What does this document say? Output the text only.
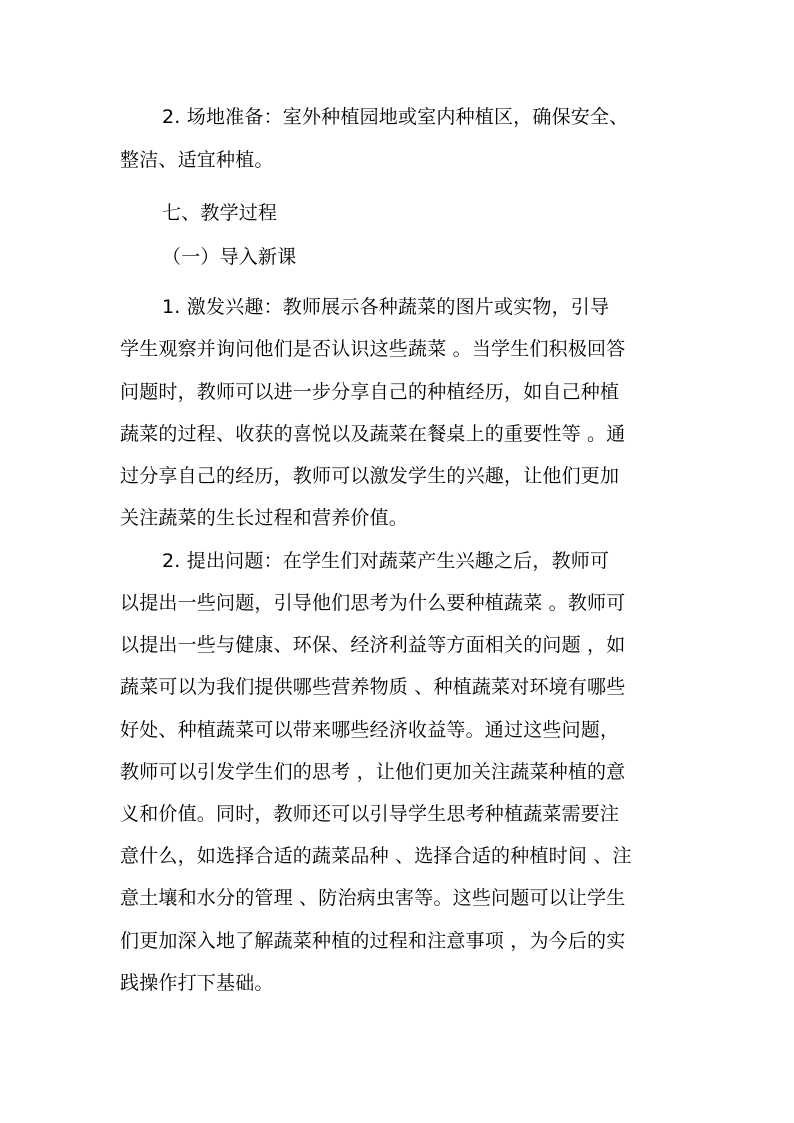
2. 场地准备：室外种植园地或室内种植区，确保安全、
整洁、适宜种植。
七、教学过程
（一）导入新课
1. 激发兴趣：教师展示各种蔬菜的图片或实物，引导
学生观察并询问他们是否认识这些蔬菜 。当学生们积极回答
问题时，教师可以进一步分享自己的种植经历，如自己种植
蔬菜的过程、收获的喜悦以及蔬菜在餐桌上的重要性等 。通
过分享自己的经历，教师可以激发学生的兴趣，让他们更加
关注蔬菜的生长过程和营养价值。
2. 提出问题：在学生们对蔬菜产生兴趣之后，教师可
以提出一些问题，引导他们思考为什么要种植蔬菜 。教师可
以提出一些与健康、环保、经济利益等方面相关的问题 ，如
蔬菜可以为我们提供哪些营养物质 、种植蔬菜对环境有哪些
好处、种植蔬菜可以带来哪些经济收益等。通过这些问题，
教师可以引发学生们的思考 ，让他们更加关注蔬菜种植的意
义和价值。同时，教师还可以引导学生思考种植蔬菜需要注
意什么，如选择合适的蔬菜品种 、选择合适的种植时间 、注
意土壤和水分的管理 、防治病虫害等。这些问题可以让学生
们更加深入地了解蔬菜种植的过程和注意事项 ，为今后的实
践操作打下基础。
